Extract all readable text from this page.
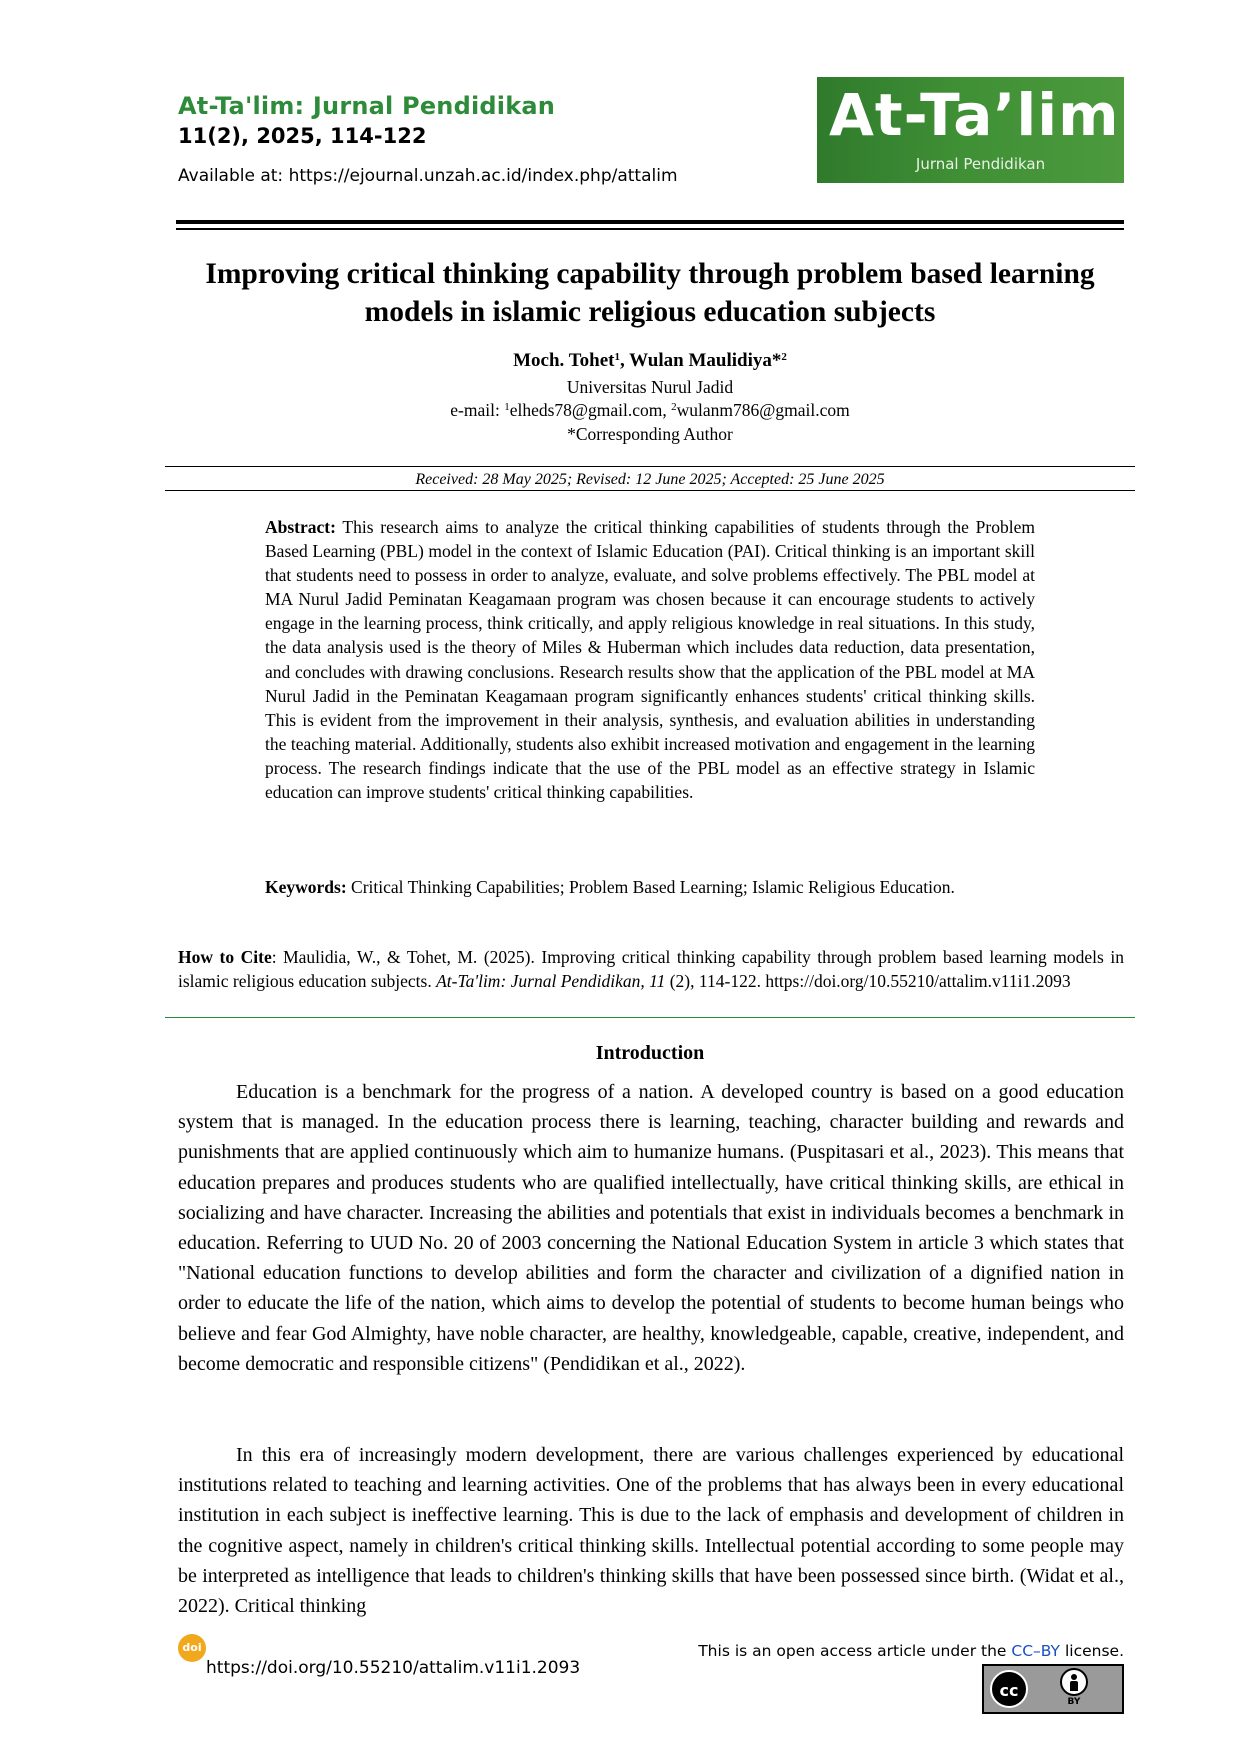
At-Ta'lim: Jurnal Pendidikan
11(2), 2025, 114-122
Available at: https://ejournal.unzah.ac.id/index.php/attalim
At-Ta’lim
Jurnal Pendidikan
Improving critical thinking capability through problem based learning models in islamic religious education subjects
Moch. Tohet$^1$, Wulan Maulidiya*$^2$
Universitas Nurul Jadid
e-mail: $^1$elheds78@gmail.com, $^2$wulanm786@gmail.com
*Corresponding Author
Received: 28 May 2025; Revised: 12 June 2025; Accepted: 25 June 2025
Abstract: This research aims to analyze the critical thinking capabilities of students through the Problem Based Learning (PBL) model in the context of Islamic Education (PAI). Critical thinking is an important skill that students need to possess in order to analyze, evaluate, and solve problems effectively. The PBL model at MA Nurul Jadid Peminatan Keagamaan program was chosen because it can encourage students to actively engage in the learning process, think critically, and apply religious knowledge in real situations. In this study, the data analysis used is the theory of Miles & Huberman which includes data reduction, data presentation, and concludes with drawing conclusions. Research results show that the application of the PBL model at MA Nurul Jadid in the Peminatan Keagamaan program significantly enhances students' critical thinking skills. This is evident from the improvement in their analysis, synthesis, and evaluation abilities in understanding the teaching material. Additionally, students also exhibit increased motivation and engagement in the learning process. The research findings indicate that the use of the PBL model as an effective strategy in Islamic education can improve students' critical thinking capabilities.
Keywords: Critical Thinking Capabilities; Problem Based Learning; Islamic Religious Education.
How to Cite: Maulidia, W., & Tohet, M. (2025). Improving critical thinking capability through problem based learning models in islamic religious education subjects. At-Ta'lim: Jurnal Pendidikan, 11 (2), 114-122. https://doi.org/10.55210/attalim.v11i1.2093
Introduction
Education is a benchmark for the progress of a nation. A developed country is based on a good education system that is managed. In the education process there is learning, teaching, character building and rewards and punishments that are applied continuously which aim to humanize humans. (Puspitasari et al., 2023). This means that education prepares and produces students who are qualified intellectually, have critical thinking skills, are ethical in socializing and have character. Increasing the abilities and potentials that exist in individuals becomes a benchmark in education. Referring to UUD No. 20 of 2003 concerning the National Education System in article 3 which states that "National education functions to develop abilities and form the character and civilization of a dignified nation in order to educate the life of the nation, which aims to develop the potential of students to become human beings who believe and fear God Almighty, have noble character, are healthy, knowledgeable, capable, creative, independent, and become democratic and responsible citizens" (Pendidikan et al., 2022).
In this era of increasingly modern development, there are various challenges experienced by educational institutions related to teaching and learning activities. One of the problems that has always been in every educational institution in each subject is ineffective learning. This is due to the lack of emphasis and development of children in the cognitive aspect, namely in children's critical thinking skills. Intellectual potential according to some people may be interpreted as intelligence that leads to children's thinking skills that have been possessed since birth. (Widat et al., 2022). Critical thinking
This is an open access article under the CC–BY license.
doi
https://doi.org/10.55210/attalim.v11i1.2093
cc
BY
